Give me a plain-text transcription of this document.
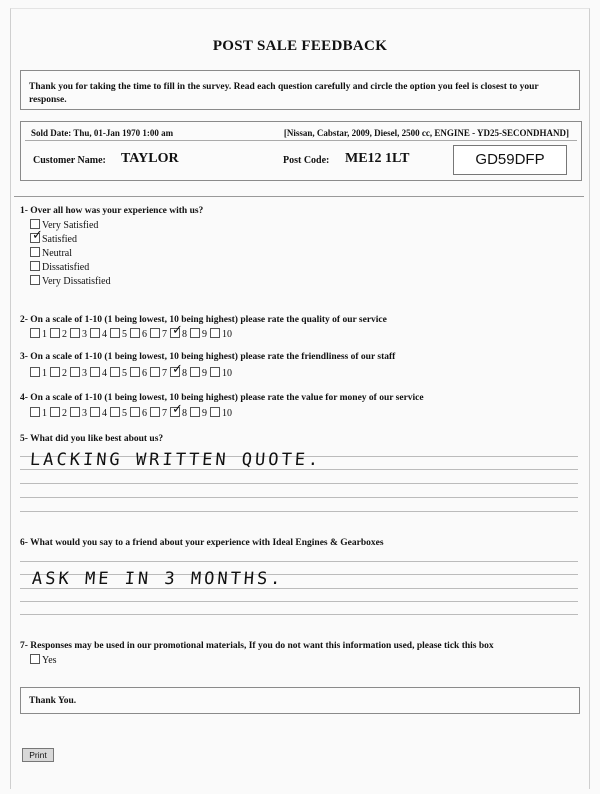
POST SALE FEEDBACK
Thank you for taking the time to fill in the survey. Read each question carefully and circle the option you feel is closest to your response.
Sold Date: Thu, 01-Jan 1970 1:00 am	[Nissan, Cabstar, 2009, Diesel, 2500 cc, ENGINE - YD25-SECONDHAND]
Customer Name: TAYLOR	Post Code: ME12 1LT	GD59DFP
1- Over all how was your experience with us?
Very Satisfied
✓ Satisfied
Neutral
Dissatisfied
Very Dissatisfied
2- On a scale of 1-10 (1 being lowest, 10 being highest) please rate the quality of our service
1 2 3 4 5 6 7 ✓ 8 9 10
3- On a scale of 1-10 (1 being lowest, 10 being highest) please rate the friendliness of our staff
1 2 3 4 5 6 7 ✓ 8 9 10
4- On a scale of 1-10 (1 being lowest, 10 being highest) please rate the value for money of our service
1 2 3 4 5 6 7 ✓ 8 9 10
5- What did you like best about us?
LACKING WRITTEN QUOTE.
6- What would you say to a friend about your experience with Ideal Engines & Gearboxes
ASK ME IN 3 MONTHS.
7- Responses may be used in our promotional materials, If you do not want this information used, please tick this box
Yes
Thank You.
Print
